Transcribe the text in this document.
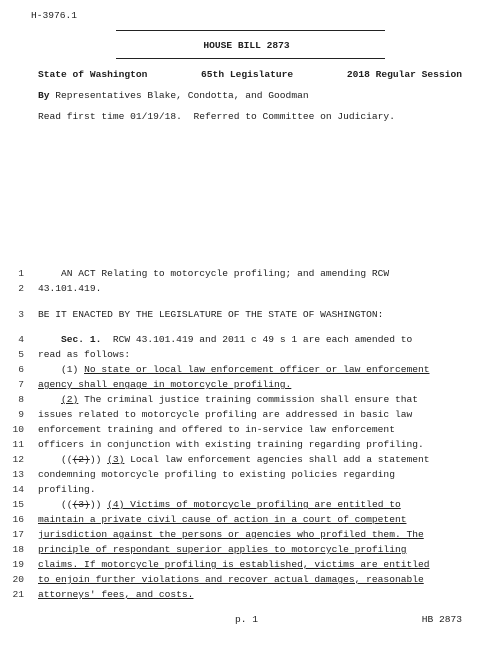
H-3976.1
HOUSE BILL 2873
State of Washington	65th Legislature	2018 Regular Session
By Representatives Blake, Condotta, and Goodman
Read first time 01/19/18.  Referred to Committee on Judiciary.
1
2
3
4
5
6
7
8
9
10
11
12
13
14
15
16
17
18
19
20
21
AN ACT Relating to motorcycle profiling; and amending RCW
43.101.419.
BE IT ENACTED BY THE LEGISLATURE OF THE STATE OF WASHINGTON:
Sec. 1.  RCW 43.101.419 and 2011 c 49 s 1 are each amended to
read as follows:
(1) No state or local law enforcement officer or law enforcement
agency shall engage in motorcycle profiling.
(2) The criminal justice training commission shall ensure that
issues related to motorcycle profiling are addressed in basic law
enforcement training and offered to in-service law enforcement
officers in conjunction with existing training regarding profiling.
(((2))) (3) Local law enforcement agencies shall add a statement
condemning motorcycle profiling to existing policies regarding
profiling.
(((3))) (4) Victims of motorcycle profiling are entitled to
maintain a private civil cause of action in a court of competent
jurisdiction against the persons or agencies who profiled them. The
principle of respondant superior applies to motorcycle profiling
claims. If motorcycle profiling is established, victims are entitled
to enjoin further violations and recover actual damages, reasonable
attorneys' fees, and costs.
p. 1	HB 2873
